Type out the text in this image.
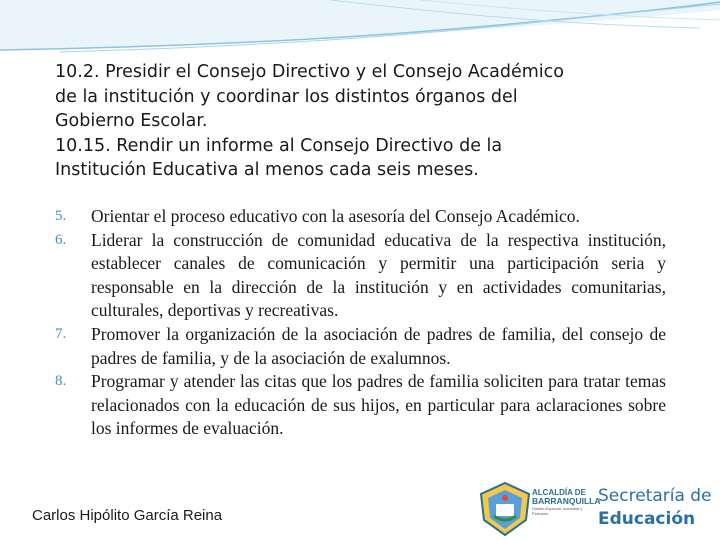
10.2. Presidir el Consejo Directivo y el Consejo Académico
de la institución y coordinar los distintos órganos del
Gobierno Escolar.
10.15. Rendir un informe al Consejo Directivo de la
Institución Educativa al menos cada seis meses.
5. Orientar el proceso educativo con la asesoría del Consejo Académico.
6. Liderar la construcción de comunidad educativa de la respectiva institución, establecer canales de comunicación y permitir una participación seria y responsable en la dirección de la institución y en actividades comunitarias, culturales, deportivas y recreativas.
7. Promover la organización de la asociación de padres de familia, del consejo de padres de familia, y de la asociación de exalumnos.
8. Programar y atender las citas que los padres de familia soliciten para tratar temas relacionados con la educación de sus hijos, en particular para aclaraciones sobre los informes de evaluación.
Carlos Hipólito García Reina
ALCALDÍA DE
BARRANQUILLA
Distrito Especial, Industrial y Portuario
Secretaría de
Educación
